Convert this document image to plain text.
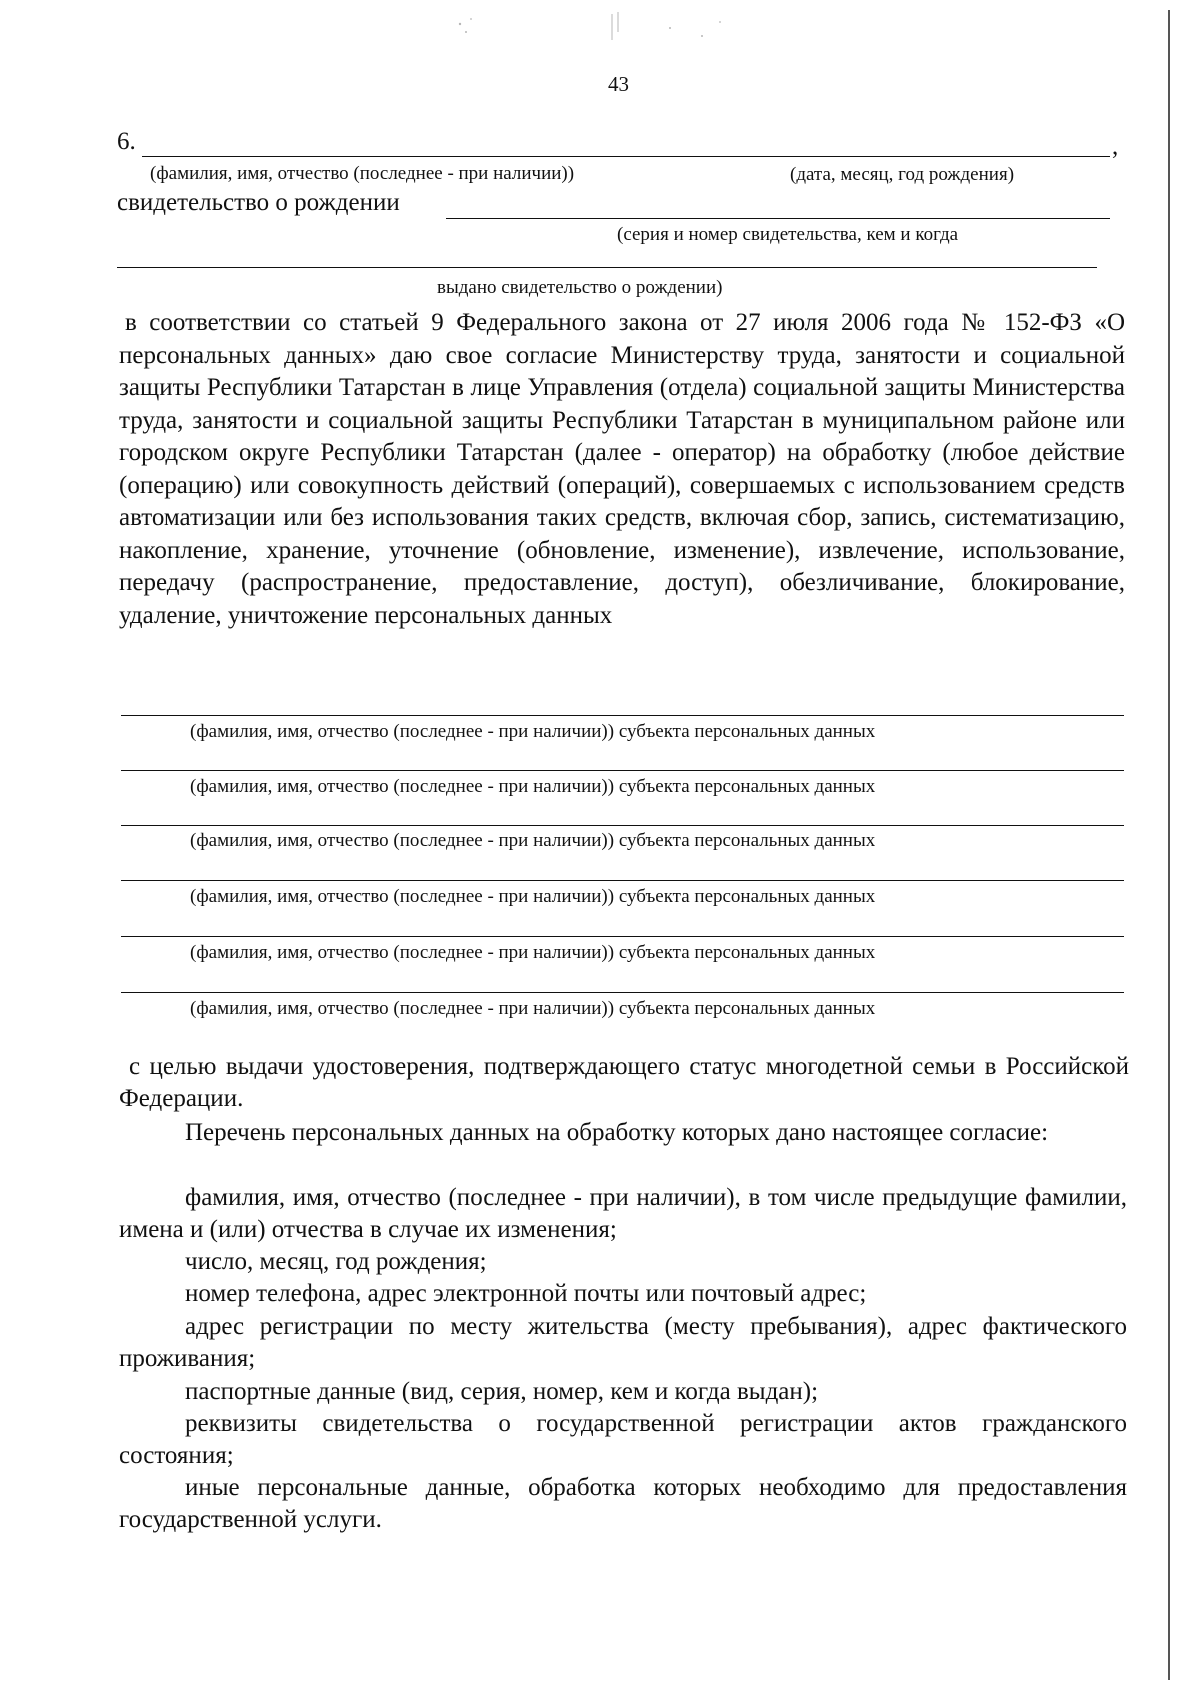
43
6.	,
(фамилия, имя, отчество (последнее - при наличии))	(дата, месяц, год рождения)
свидетельство о рождении
(серия и номер свидетельства, кем и когда
выдано свидетельство о рождении)
в соответствии со статьей 9 Федерального закона от 27 июля 2006 года № 152-ФЗ «О персональных данных» даю свое согласие Министерству труда, занятости и социальной защиты Республики Татарстан в лице Управления (отдела) социальной защиты Министерства труда, занятости и социальной защиты Республики Татарстан в муниципальном районе или городском округе Республики Татарстан (далее - оператор) на обработку (любое действие (операцию) или совокупность действий (операций), совершаемых с использованием средств автоматизации или без использования таких средств, включая сбор, запись, систематизацию, накопление, хранение, уточнение (обновление, изменение), извлечение, использование, передачу (распространение, предоставление, доступ), обезличивание, блокирование, удаление, уничтожение персональных данных
(фамилия, имя, отчество (последнее - при наличии)) субъекта персональных данных
(фамилия, имя, отчество (последнее - при наличии)) субъекта персональных данных
(фамилия, имя, отчество (последнее - при наличии)) субъекта персональных данных
(фамилия, имя, отчество (последнее - при наличии)) субъекта персональных данных
(фамилия, имя, отчество (последнее - при наличии)) субъекта персональных данных
(фамилия, имя, отчество (последнее - при наличии)) субъекта персональных данных
с целью выдачи удостоверения, подтверждающего статус многодетной семьи в Российской Федерации.
Перечень персональных данных на обработку которых дано настоящее согласие:
фамилия, имя, отчество (последнее - при наличии), в том числе предыдущие фамилии, имена и (или) отчества в случае их изменения;
число, месяц, год рождения;
номер телефона, адрес электронной почты или почтовый адрес;
адрес регистрации по месту жительства (месту пребывания), адрес фактического проживания;
паспортные данные (вид, серия, номер, кем и когда выдан);
реквизиты свидетельства о государственной регистрации актов гражданского состояния;
иные персональные данные, обработка которых необходимо для предоставления государственной услуги.
